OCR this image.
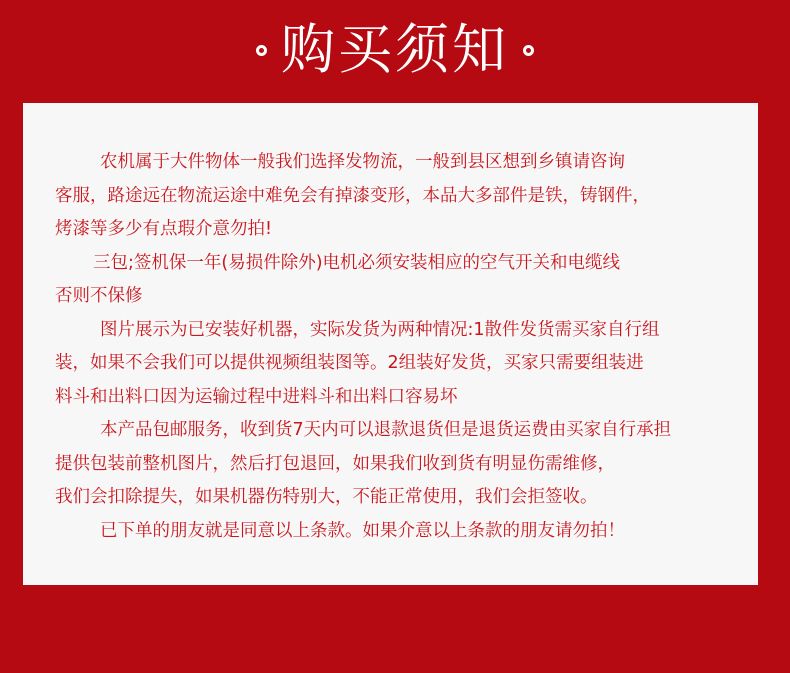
购买须知
农机属于大件物体一般我们选择发物流，一般到县区想到乡镇请咨询
客服，路途远在物流运途中难免会有掉漆变形，本品大多部件是铁，铸钢件，
烤漆等多少有点瑕介意勿拍!
三包;签机保一年(易损件除外)电机必须安装相应的空气开关和电缆线
否则不保修
图片展示为已安装好机器，实际发货为两种情况:1散件发货需买家自行组
装，如果不会我们可以提供视频组装图等。2组装好发货，买家只需要组装进
料斗和出料口因为运输过程中进料斗和出料口容易坏
本产品包邮服务，收到货7天内可以退款退货但是退货运费由买家自行承担
提供包装前整机图片，然后打包退回，如果我们收到货有明显伤需维修，
我们会扣除提失，如果机器伤特别大，不能正常使用，我们会拒签收。
已下单的朋友就是同意以上条款。如果介意以上条款的朋友请勿拍！
